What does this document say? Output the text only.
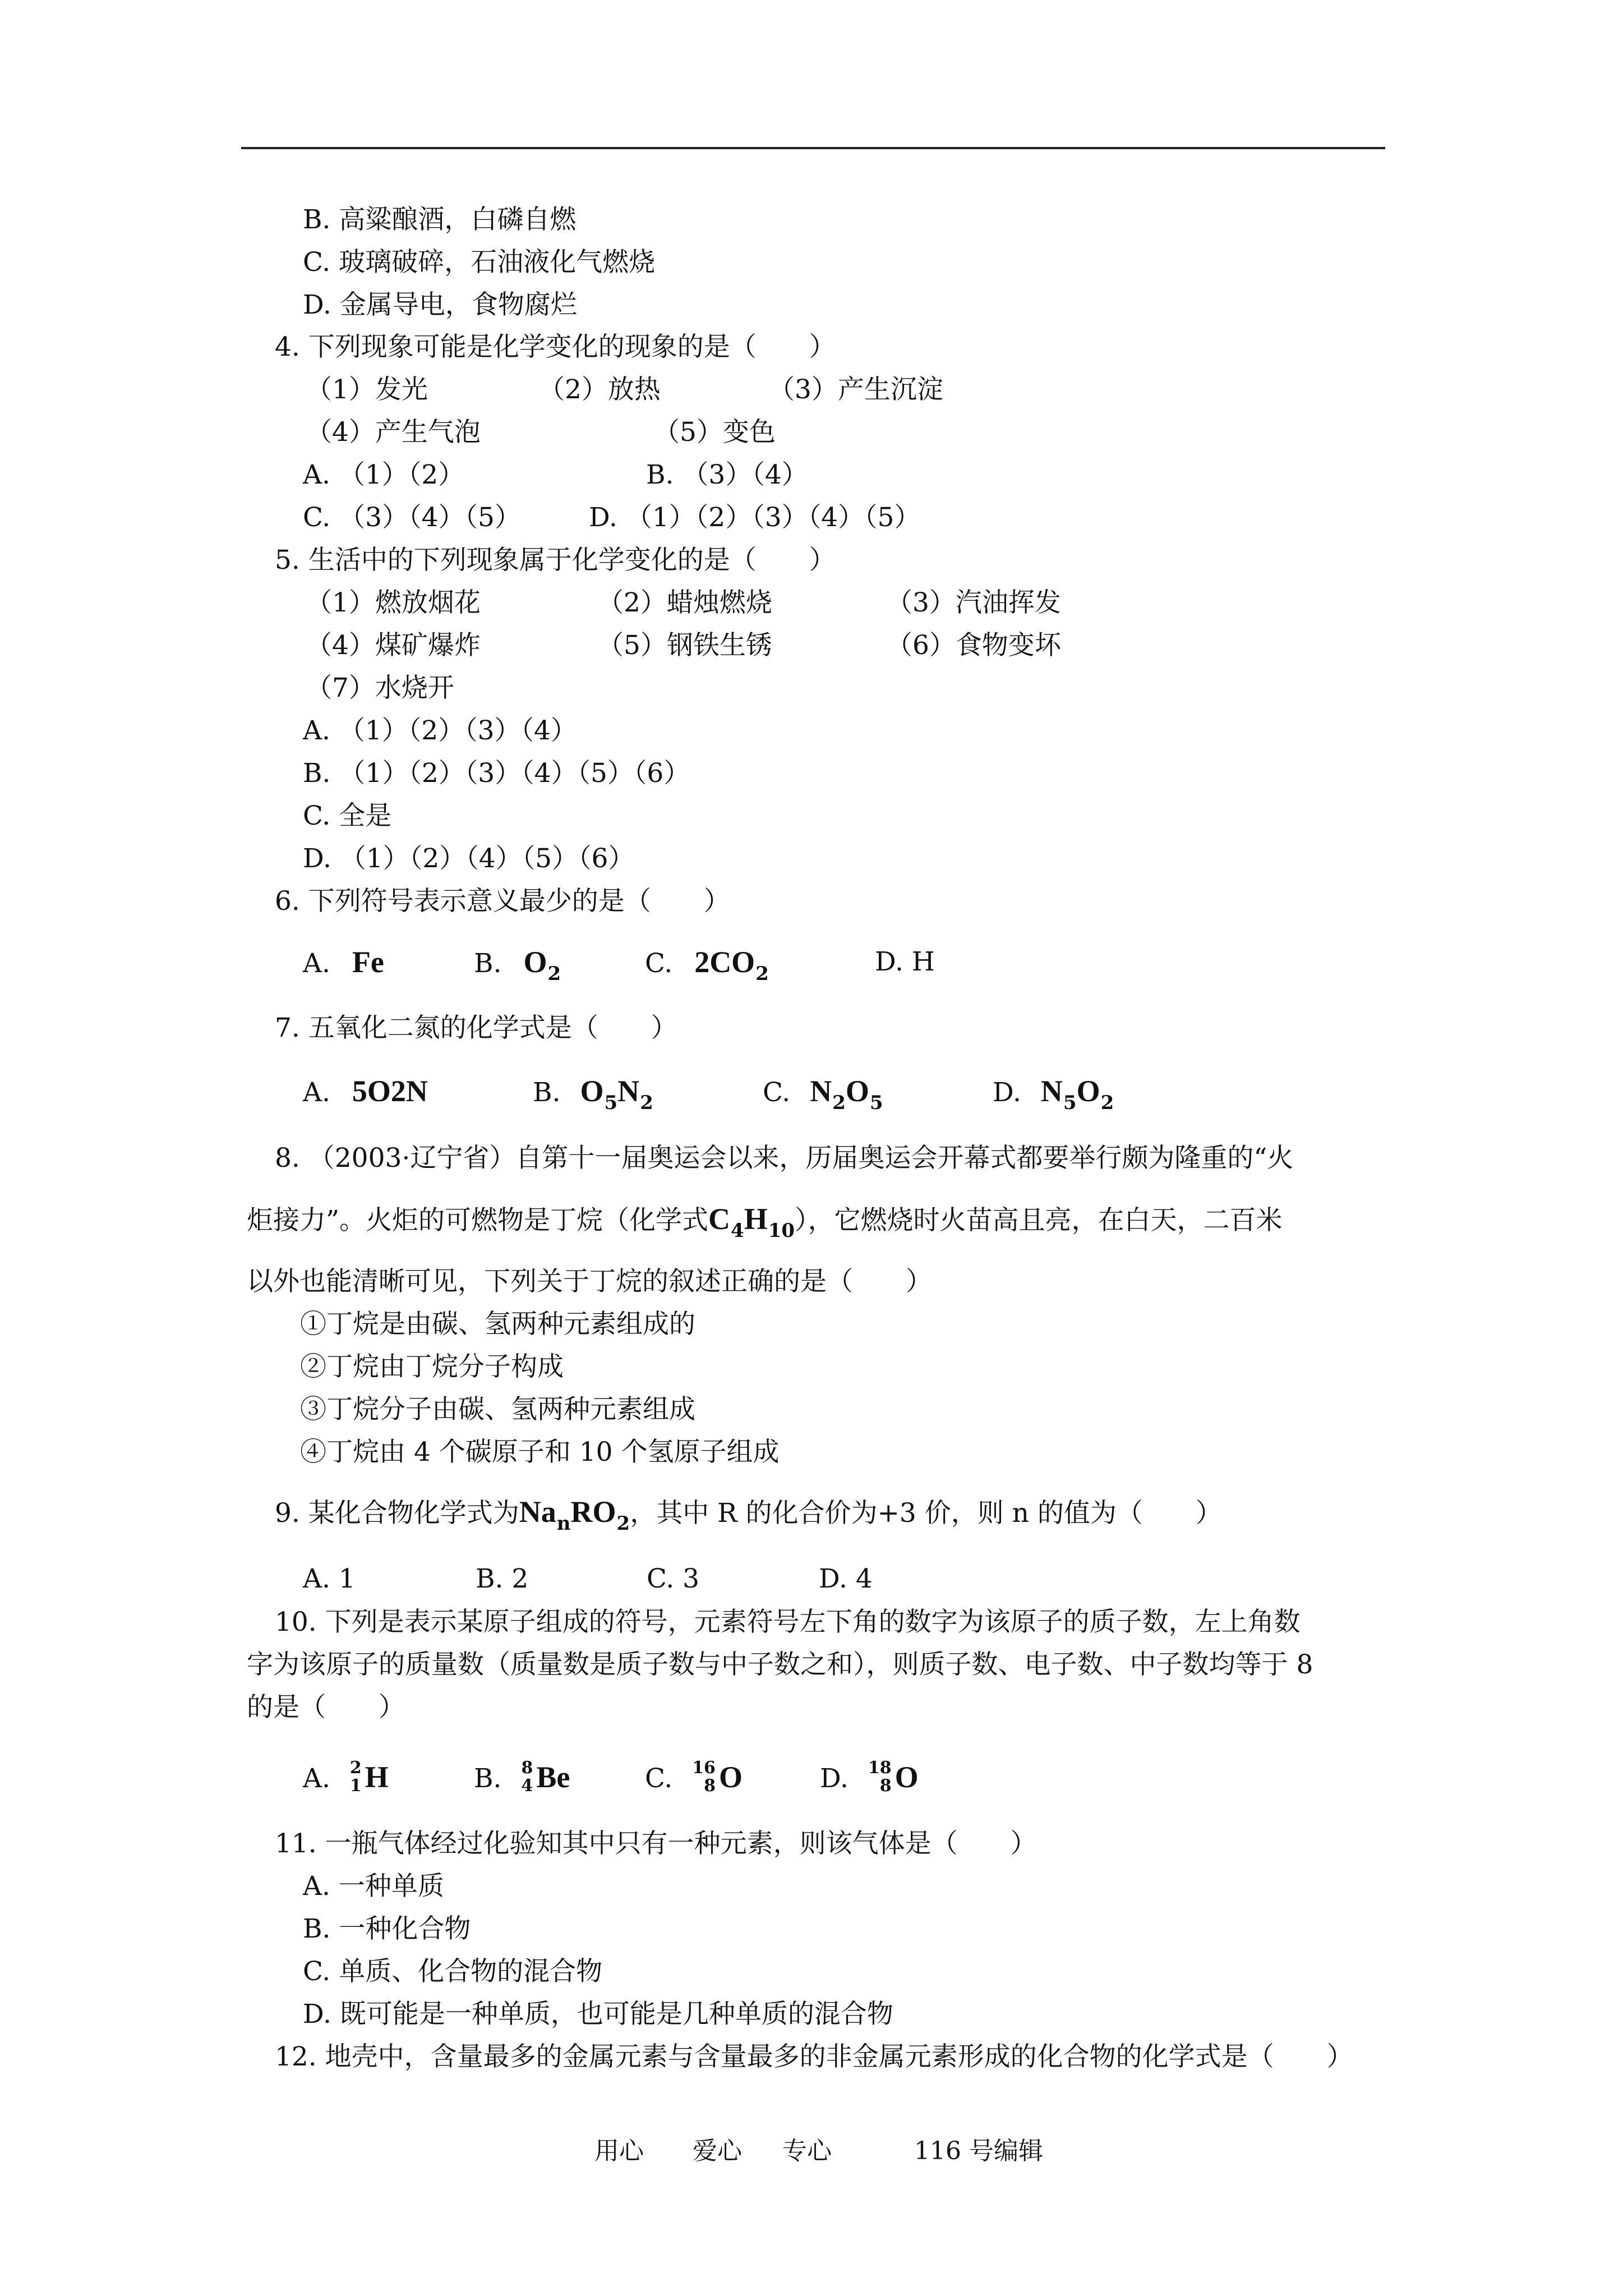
B. 高粱酿酒，白磷自燃
C. 玻璃破碎，石油液化气燃烧
D. 金属导电，食物腐烂
4. 下列现象可能是化学变化的现象的是（　　）
（1）发光	（2）放热	（3）产生沉淀
（4）产生气泡	（5）变色
A. （1）（2）	B. （3）（4）
C. （3）（4）（5）	D. （1）（2）（3）（4）（5）
5. 生活中的下列现象属于化学变化的是（　　）
（1）燃放烟花	（2）蜡烛燃烧	（3）汽油挥发
（4）煤矿爆炸	（5）钢铁生锈	（6）食物变坏
（7）水烧开
A. （1）（2）（3）（4）
B. （1）（2）（3）（4）（5）（6）
C. 全是
D. （1）（2）（4）（5）（6）
6. 下列符号表示意义最少的是（　　）
A. Fe	B. $O_2$	C. $2CO_2$	D. H
7. 五氧化二氮的化学式是（　　）
A. 5O2N	B. $O_5N_2$	C. $N_2O_5$	D. $N_5O_2$
8. （2003·辽宁省）自第十一届奥运会以来，历届奥运会开幕式都要举行颇为隆重的“火
炬接力”。火炬的可燃物是丁烷（化学式$C_4H_{10}$），它燃烧时火苗高且亮，在白天，二百米
以外也能清晰可见，下列关于丁烷的叙述正确的是（　　）
①丁烷是由碳、氢两种元素组成的
②丁烷由丁烷分子构成
③丁烷分子由碳、氢两种元素组成
④丁烷由 4 个碳原子和 10 个氢原子组成
9. 某化合物化学式为$Na_nRO_2$，其中 R 的化合价为+3 价，则 n 的值为（　　）
A. 1	B. 2	C. 3	D. 4
10. 下列是表示某原子组成的符号，元素符号左下角的数字为该原子的质子数，左上角数
字为该原子的质量数（质量数是质子数与中子数之和），则质子数、电子数、中子数均等于 8
的是（　　）
A. 2
1 H	B. 8
4 Be	C. 16
8 O	D. 18
8 O
11. 一瓶气体经过化验知其中只有一种元素，则该气体是（　　）
A. 一种单质
B. 一种化合物
C. 单质、化合物的混合物
D. 既可能是一种单质，也可能是几种单质的混合物
12. 地壳中，含量最多的金属元素与含量最多的非金属元素形成的化合物的化学式是（　　）
用心 爱心 专心	116 号编辑
